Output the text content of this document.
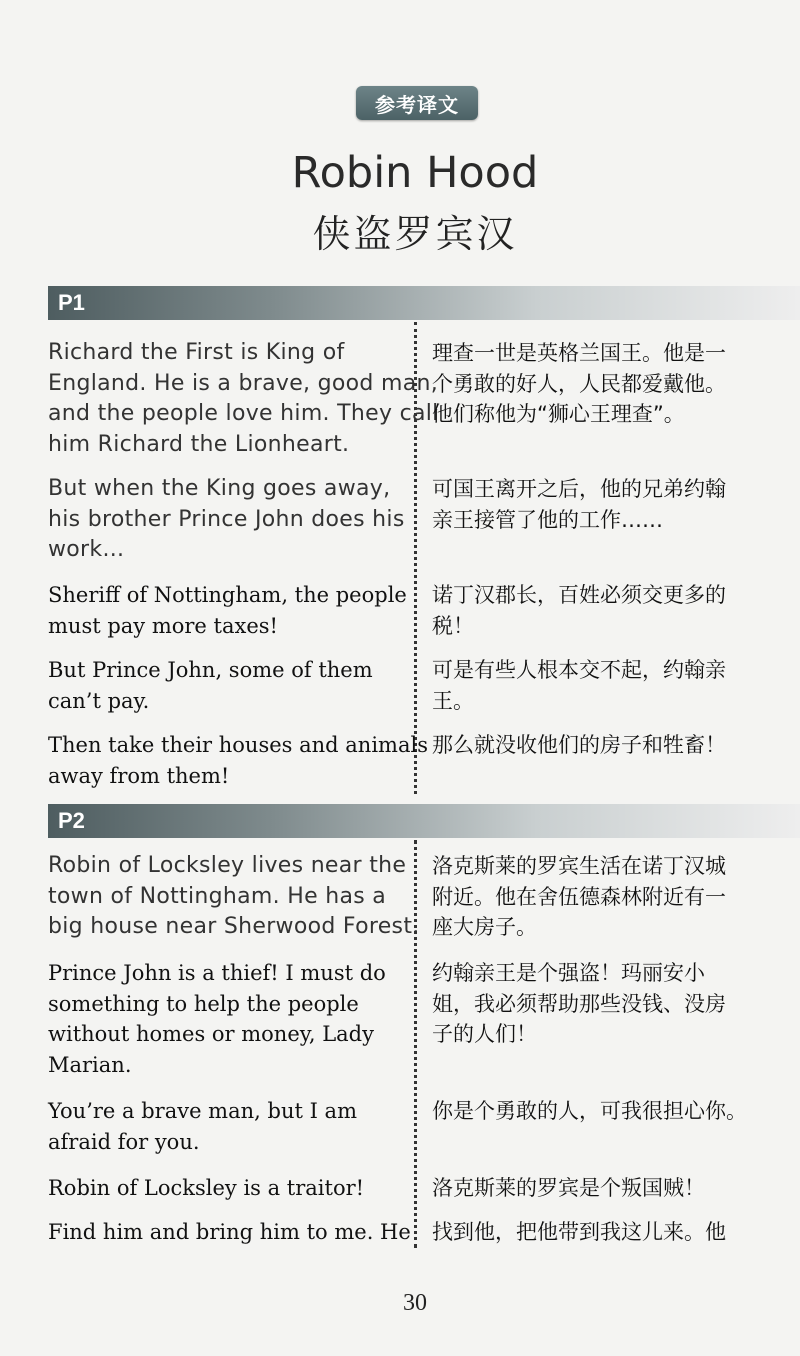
参考译文
Robin Hood
侠盗罗宾汉
P1
Richard the First is King of
England. He is a brave, good man,
and the people love him. They call
him Richard the Lionheart.
理查一世是英格兰国王。他是一
个勇敢的好人，人民都爱戴他。
他们称他为“狮心王理查”。
But when the King goes away,
his brother Prince John does his
work...
可国王离开之后，他的兄弟约翰
亲王接管了他的工作……
Sheriff of Nottingham, the people
must pay more taxes!
诺丁汉郡长，百姓必须交更多的
税！
But Prince John, some of them
can’t pay.
可是有些人根本交不起，约翰亲
王。
Then take their houses and animals
away from them!
那么就没收他们的房子和牲畜！
P2
Robin of Locksley lives near the
town of Nottingham. He has a
big house near Sherwood Forest.
洛克斯莱的罗宾生活在诺丁汉城
附近。他在舍伍德森林附近有一
座大房子。
Prince John is a thief! I must do
something to help the people
without homes or money, Lady
Marian.
约翰亲王是个强盗！玛丽安小
姐，我必须帮助那些没钱、没房
子的人们！
You’re a brave man, but I am
afraid for you.
你是个勇敢的人，可我很担心你。
Robin of Locksley is a traitor!	洛克斯莱的罗宾是个叛国贼！
Find him and bring him to me. He 找到他，把他带到我这儿来。他
30
